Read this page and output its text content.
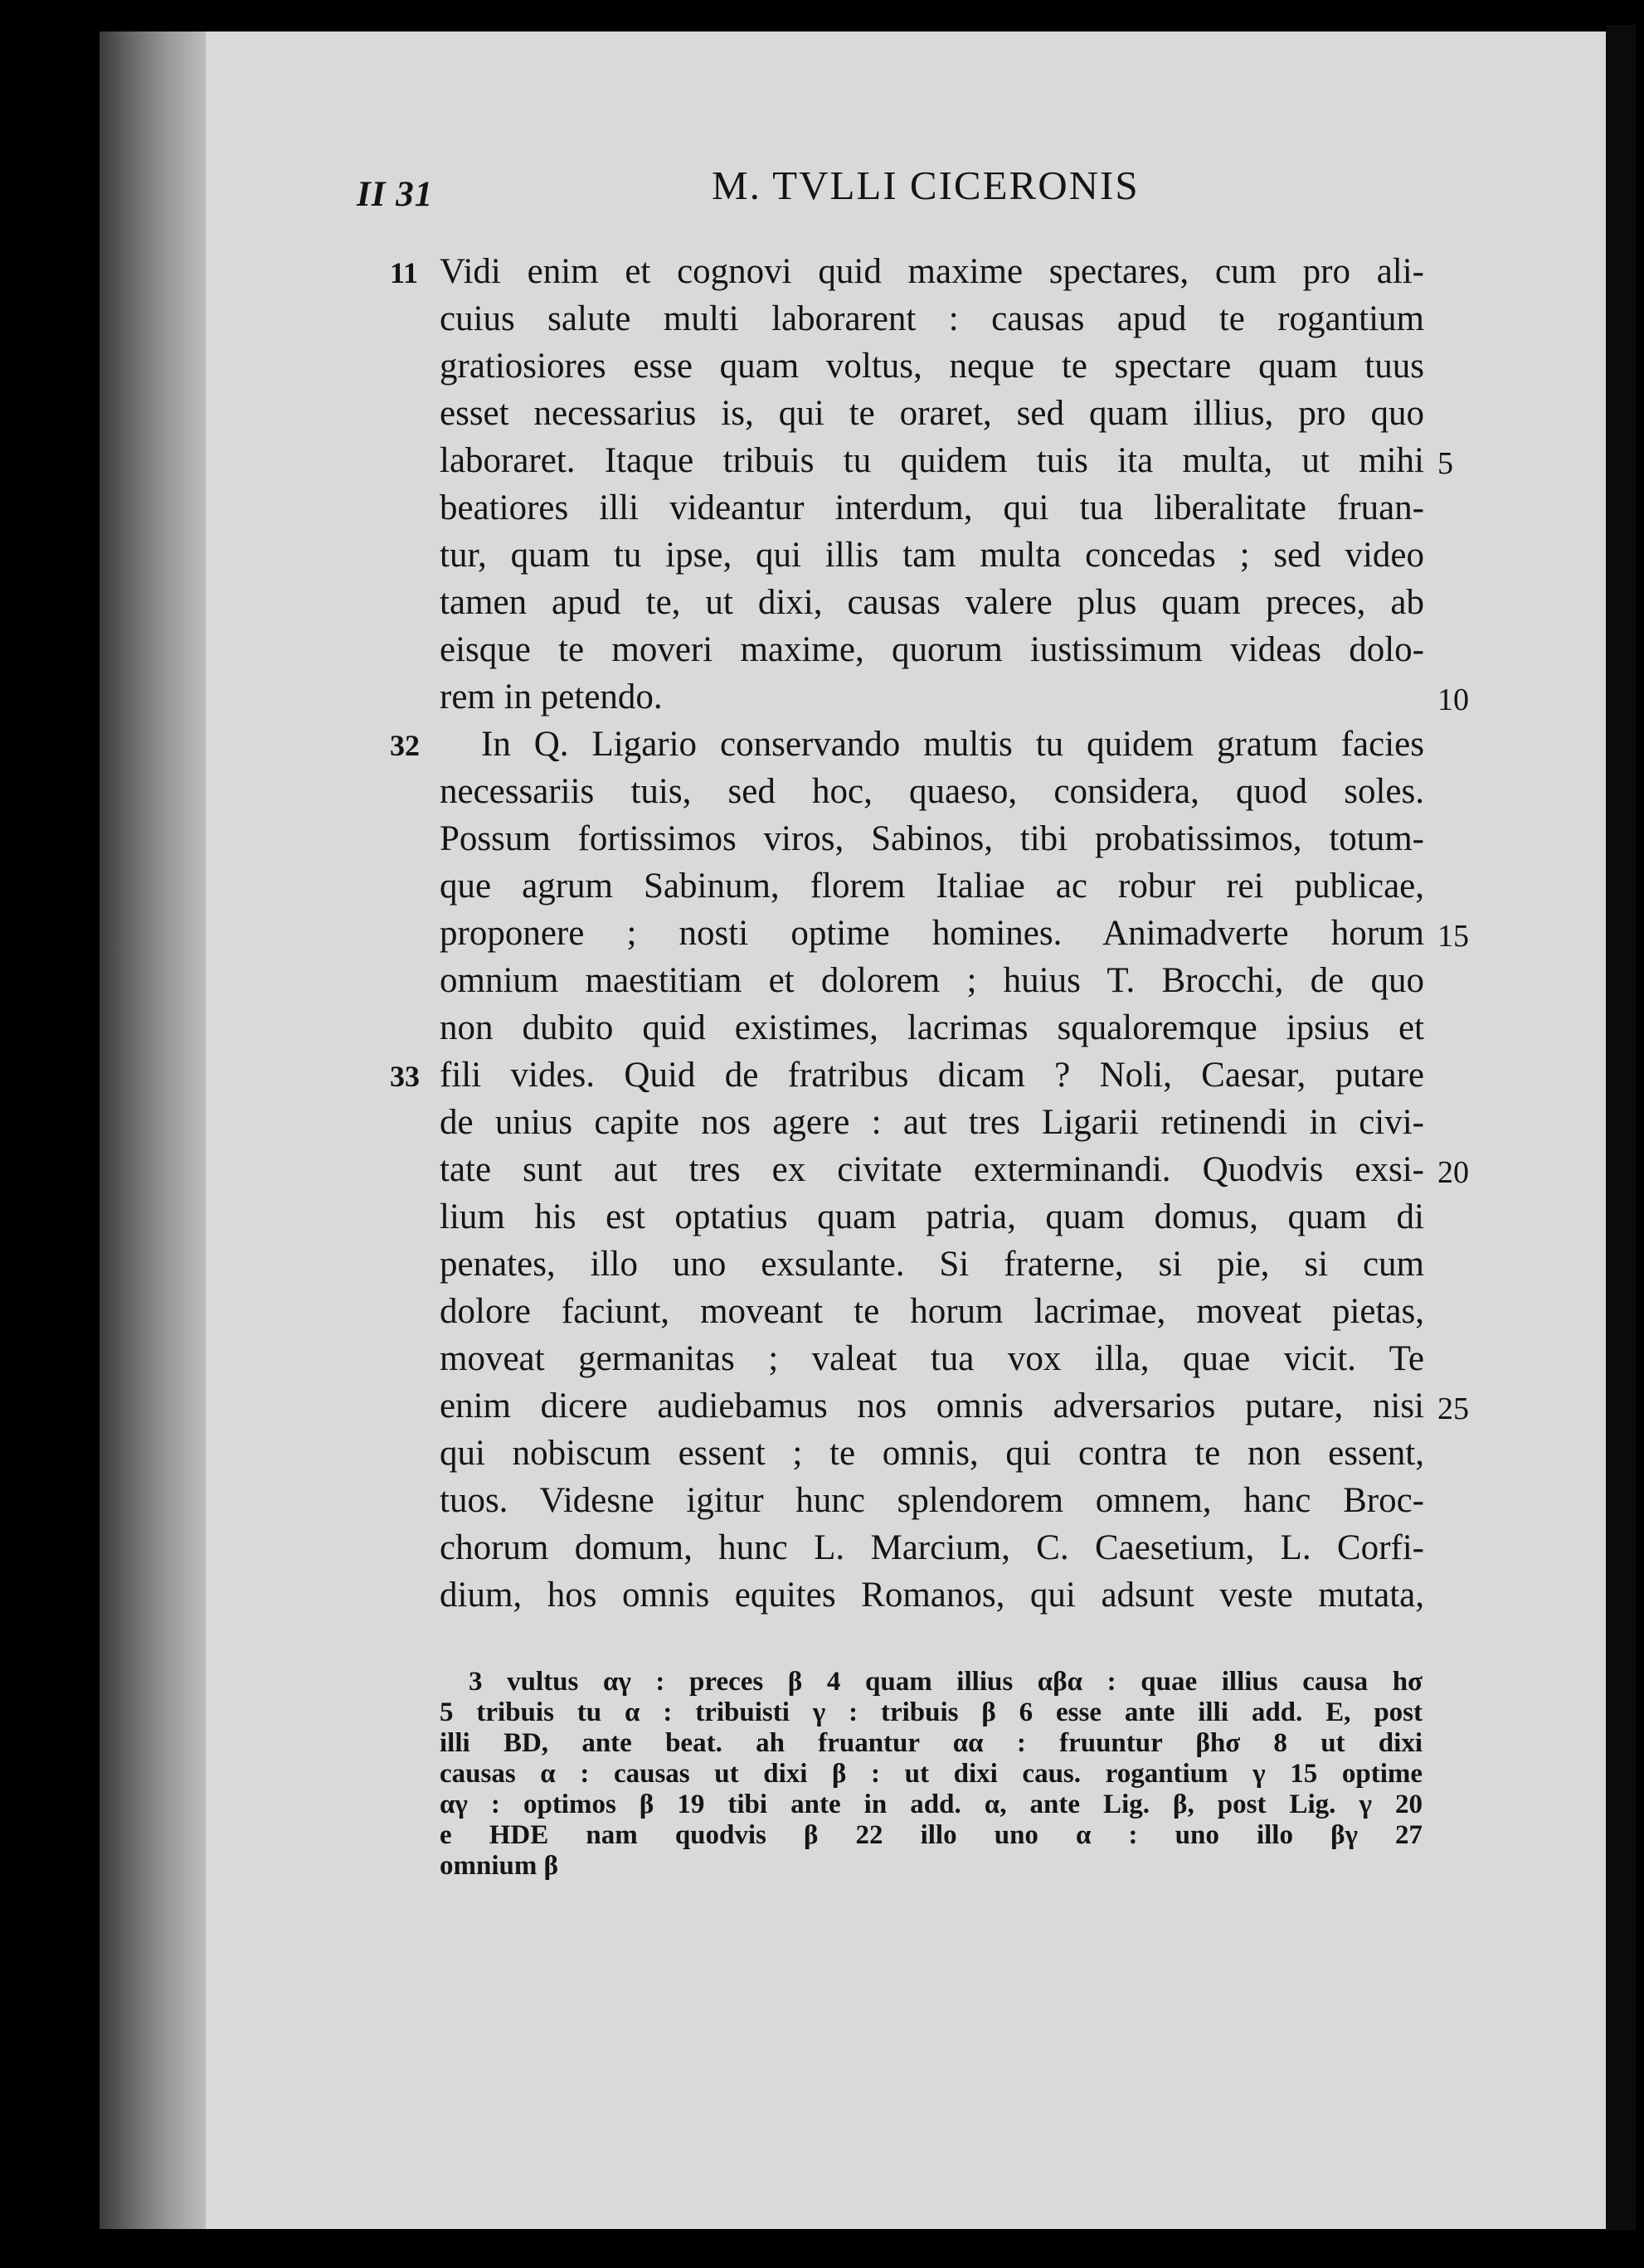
II 31	M. TVLLI CICERONIS
Vidi enim et cognovi quid maxime spectares, cum pro ali-
cuius salute multi laborarent : causas apud te rogantium
gratiosiores esse quam voltus, neque te spectare quam tuus
esset necessarius is, qui te oraret, sed quam illius, pro quo
laboraret. Itaque tribuis tu quidem tuis ita multa, ut mihi
beatiores illi videantur interdum, qui tua liberalitate fruan-
tur, quam tu ipse, qui illis tam multa concedas ; sed video
tamen apud te, ut dixi, causas valere plus quam preces, ab
eisque te moveri maxime, quorum iustissimum videas dolo-
rem in petendo.
In Q. Ligario conservando multis tu quidem gratum facies
necessariis tuis, sed hoc, quaeso, considera, quod soles.
Possum fortissimos viros, Sabinos, tibi probatissimos, totum-
que agrum Sabinum, florem Italiae ac robur rei publicae,
proponere ; nosti optime homines. Animadverte horum
omnium maestitiam et dolorem ; huius T. Brocchi, de quo
non dubito quid existimes, lacrimas squaloremque ipsius et
fili vides. Quid de fratribus dicam ? Noli, Caesar, putare
de unius capite nos agere : aut tres Ligarii retinendi in civi-
tate sunt aut tres ex civitate exterminandi. Quodvis exsi-
lium his est optatius quam patria, quam domus, quam di
penates, illo uno exsulante. Si fraterne, si pie, si cum
dolore faciunt, moveant te horum lacrimae, moveat pietas,
moveat germanitas ; valeat tua vox illa, quae vicit. Te
enim dicere audiebamus nos omnis adversarios putare, nisi
qui nobiscum essent ; te omnis, qui contra te non essent,
tuos. Videsne igitur hunc splendorem omnem, hanc Broc-
chorum domum, hunc L. Marcium, C. Caesetium, L. Corfi-
dium, hos omnis equites Romanos, qui adsunt veste mutata,
11
32
33
5
10
15
20
25
3 vultus αγ : preces β 4 quam illius αβα : quae illius causa hσ
5 tribuis tu α : tribuisti γ : tribuis β 6 esse ante illi add. E, post
illi BD, ante beat. ah fruantur αα : fruuntur βhσ 8 ut dixi
causas α : causas ut dixi β : ut dixi caus. rogantium γ 15 optime
αγ : optimos β 19 tibi ante in add. α, ante Lig. β, post Lig. γ 20
e HDE nam quodvis β 22 illo uno α : uno illo βγ 27
omnium β
